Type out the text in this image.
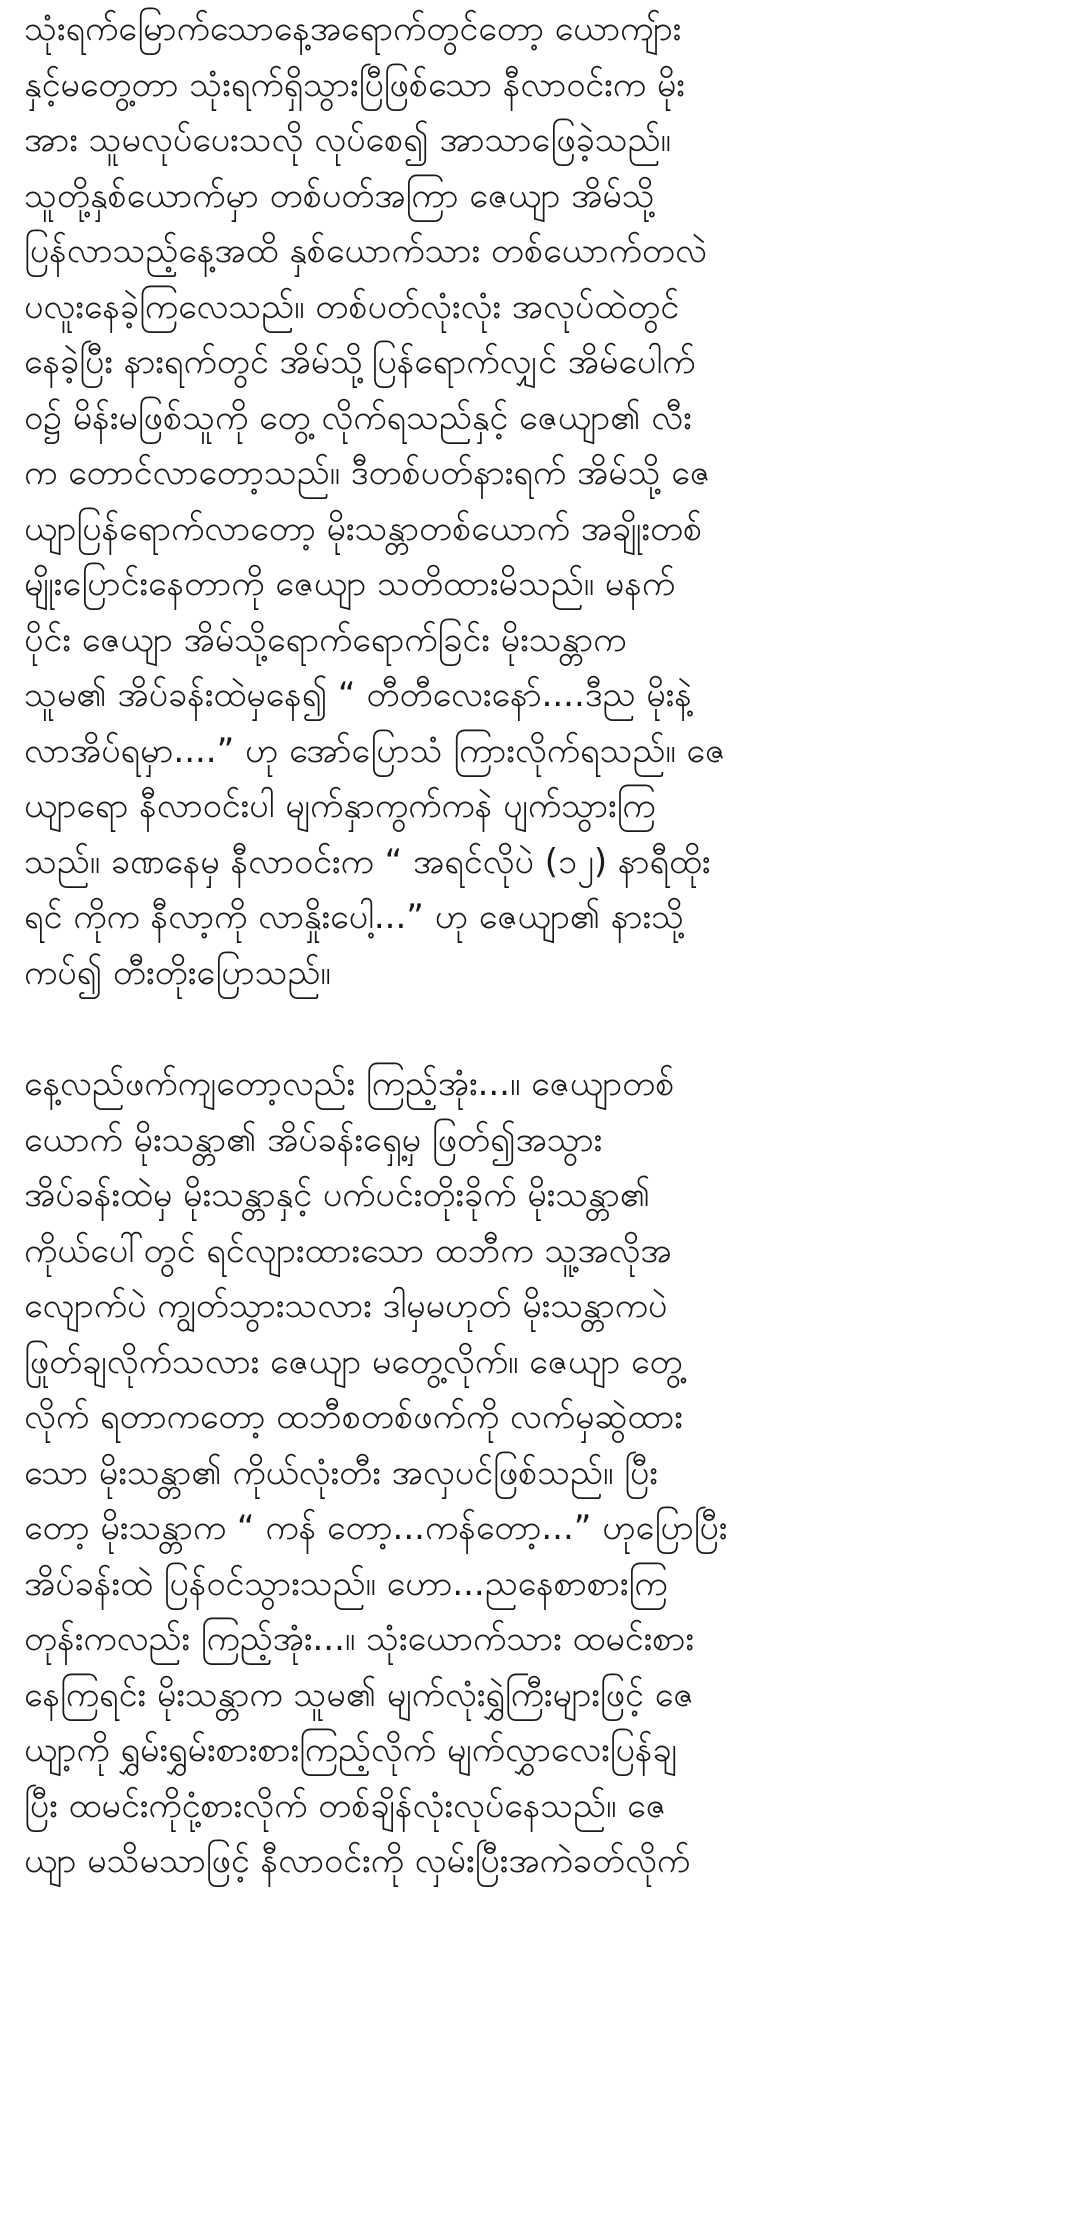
သုံးရက်မြောက်သောနေ့အရောက်တွင်တော့ ယောကျ်ား
နှင့်မတွေ့တာ သုံးရက်ရှိသွားပြီဖြစ်သော နီလာဝင်းက မိုး
အား သူမလုပ်ပေးသလို လုပ်စေ၍ အာသာဖြေခဲ့သည်။
သူတို့နှစ်ယောက်မှာ တစ်ပတ်အကြာ ဇေယျာ အိမ်သို့
ပြန်လာသည့်နေ့အထိ နှစ်ယောက်သား တစ်ယောက်တလဲ
ပလူးနေခဲ့ကြလေသည်။ တစ်ပတ်လုံးလုံး အလုပ်ထဲတွင်
နေခဲ့ပြီး နားရက်တွင် အိမ်သို့ပြန်ရောက်လျှင် အိမ်ပေါက်
ဝ၌ မိန်းမဖြစ်သူကို တွေ့ လိုက်ရသည်နှင့် ဇေယျာ၏ လီး
က တောင်လာတော့သည်။ ဒီတစ်ပတ်နားရက် အိမ်သို့ ဇေ
ယျာပြန်ရောက်လာတော့ မိုးသန္တာတစ်ယောက် အချိုးတစ်
မျိုးပြောင်းနေတာကို ဇေယျာ သတိထားမိသည်။ မနက်
ပိုင်း ဇေယျာ အိမ်သို့ရောက်ရောက်ခြင်း မိုးသန္တာက
သူမ၏ အိပ်ခန်းထဲမှနေ၍ “ တီတီလေးနော်....ဒီည မိုးနဲ့
လာအိပ်ရမှာ....” ဟု အော်ပြောသံ ကြားလိုက်ရသည်။ ဇေ
ယျာရော နီလာဝင်းပါ မျက်နှာကွက်ကနဲ ပျက်သွားကြ
သည်။ ခဏနေမှ နီလာဝင်းက “ အရင်လိုပဲ (၁၂) နာရီထိုး
ရင် ကိုက နီလာ့ကို လာနှိုးပေါ့...” ဟု ဇေယျာ၏ နားသို့
ကပ်၍ တီးတိုးပြောသည်။
နေ့လည်ဖက်ကျတော့လည်း ကြည့်အုံး...။ ဇေယျာတစ်
ယောက် မိုးသန္တာ၏ အိပ်ခန်းရှေ့မှ ဖြတ်၍အသွား
အိပ်ခန်းထဲမှ မိုးသန္တာနှင့် ပက်ပင်းတိုးခိုက် မိုးသန္တာ၏
ကိုယ်ပေါ်တွင် ရင်လျားထားသော ထဘီက သူ့အလိုအ
လျောက်ပဲ ကျွတ်သွားသလား ဒါမှမဟုတ် မိုးသန္တာကပဲ
ဖြုတ်ချလိုက်သလား ဇေယျာ မတွေ့လိုက်။ ဇေယျာ တွေ့
လိုက် ရတာကတော့ ထဘီစတစ်ဖက်ကို လက်မှဆွဲထား
သော မိုးသန္တာ၏ ကိုယ်လုံးတီး အလှပင်ဖြစ်သည်။ ပြီး
တော့ မိုးသန္တာက “ ကန် တော့...ကန်တော့...” ဟုပြောပြီး
အိပ်ခန်းထဲ ပြန်ဝင်သွားသည်။ ဟော...ညနေစာစားကြ
တုန်းကလည်း ကြည့်အုံး...။ သုံးယောက်သား ထမင်းစား
နေကြရင်း မိုးသန္တာက သူမ၏ မျက်လုံးရွှဲကြီးများဖြင့် ဇေ
ယျာ့ကို ရွှမ်းရွှမ်းစားစားကြည့်လိုက် မျက်လွှာလေးပြန်ချ
ပြီး ထမင်းကိုငုံ့စားလိုက် တစ်ချိန်လုံးလုပ်နေသည်။ ဇေ
ယျာ မသိမသာဖြင့် နီလာဝင်းကို လှမ်းပြီးအကဲခတ်လိုက်
